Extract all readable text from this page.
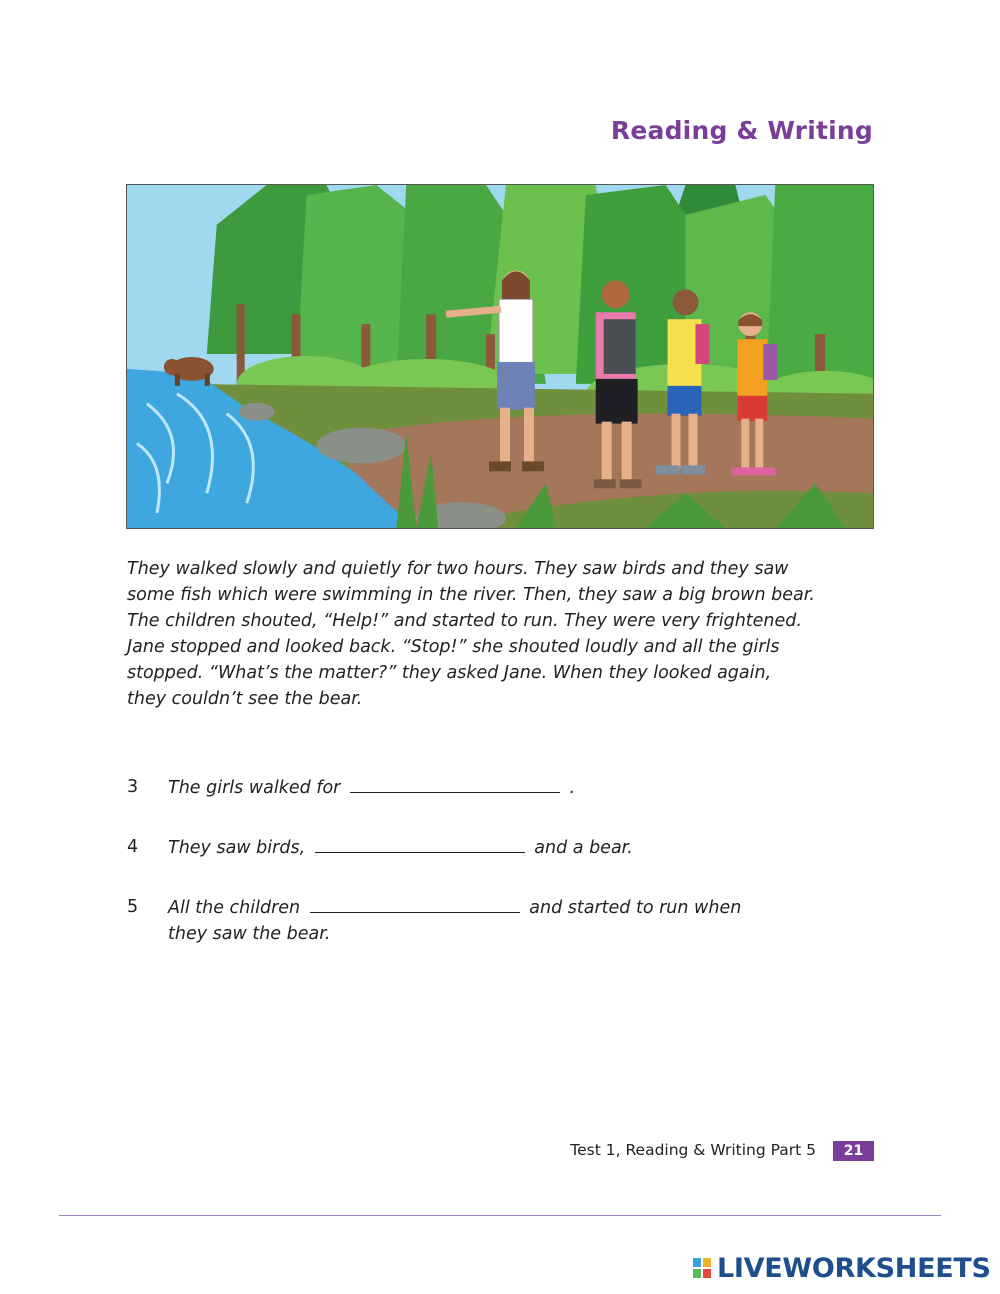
Reading & Writing

They walked slowly and quietly for two hours. They saw birds and they saw

some fish which were swimming in the river. Then, they saw a big brown bear.

The children shouted, “Help!” and started to run. They were very frightened.

Jane stopped and looked back. “Stop!” she shouted loudly and all the girls

stopped. “What’s the matter?” they asked Jane. When they looked again,

they couldn’t see the bear.

3 The girls walked for	.
4 They saw birds,	and a bear.
5 All the children	and started to run when
they saw the bear.
Test 1, Reading & Writing Part 5	21
LIVEWORKSHEETS
